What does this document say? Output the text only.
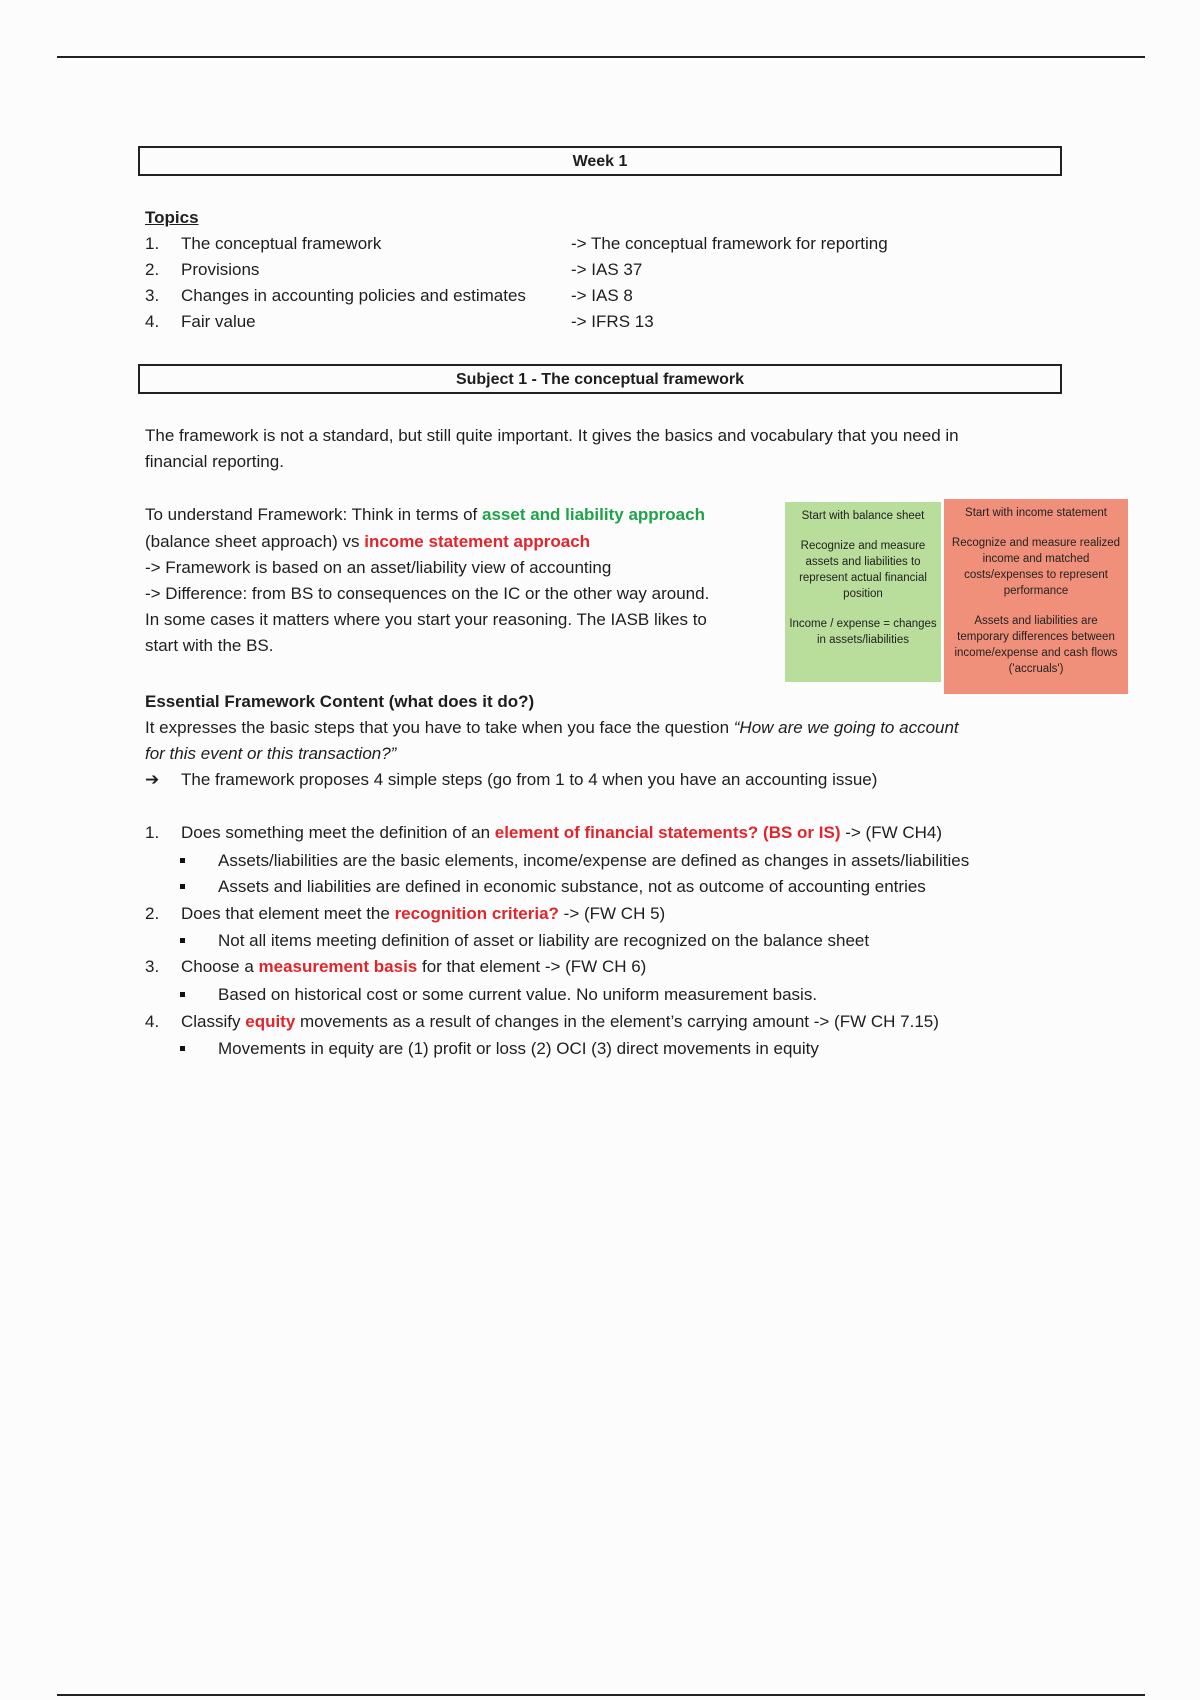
Week 1
Topics
1. The conceptual framework	-> The conceptual framework for reporting
2. Provisions	-> IAS 37
3. Changes in accounting policies and estimates	-> IAS 8
4. Fair value	-> IFRS 13
Subject 1 - The conceptual framework
The framework is not a standard, but still quite important. It gives the basics and vocabulary that you need in
financial reporting.
To understand Framework: Think in terms of asset and liability approach
(balance sheet approach) vs income statement approach
-> Framework is based on an asset/liability view of accounting
-> Difference: from BS to consequences on the IC or the other way around.
In some cases it matters where you start your reasoning. The IASB likes to
start with the BS.

Start with balance sheet

Recognize and measure assets and liabilities to represent actual financial position

Income / expense = changes in assets/liabilities

Start with income statement

Recognize and measure realized income and matched costs/expenses to represent performance

Assets and liabilities are temporary differences between income/expense and cash flows ('accruals')

Essential Framework Content (what does it do?)
It expresses the basic steps that you have to take when you face the question “How are we going to account
for this event or this transaction?”
➔ The framework proposes 4 simple steps (go from 1 to 4 when you have an accounting issue)
1. Does something meet the definition of an element of financial statements? (BS or IS) -> (FW CH4)
Assets/liabilities are the basic elements, income/expense are defined as changes in assets/liabilities
Assets and liabilities are defined in economic substance, not as outcome of accounting entries
2. Does that element meet the recognition criteria? -> (FW CH 5)
Not all items meeting definition of asset or liability are recognized on the balance sheet
3. Choose a measurement basis for that element -> (FW CH 6)
Based on historical cost or some current value. No uniform measurement basis.
4. Classify equity movements as a result of changes in the element’s carrying amount -> (FW CH 7.15)
Movements in equity are (1) profit or loss (2) OCI (3) direct movements in equity
